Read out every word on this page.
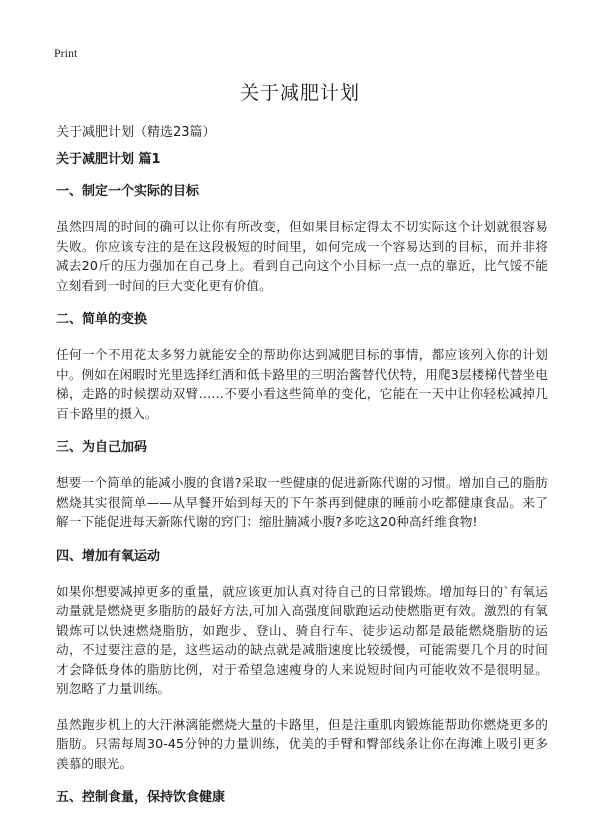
Print
关于减肥计划

关于减肥计划（精选23篇）

关于减肥计划 篇1

一、制定一个实际的目标

虽然四周的时间的确可以让你有所改变，但如果目标定得太不切实际这个计划就很容易失败。你应该专注的是在这段极短的时间里，如何完成一个容易达到的目标，而并非将减去20斤的压力强加在自己身上。看到自己向这个小目标一点一点的靠近，比气馁不能立刻看到一时间的巨大变化更有价值。

二、简单的变换

任何一个不用花太多努力就能安全的帮助你达到减肥目标的事情，都应该列入你的计划中。例如在闲暇时光里选择红酒和低卡路里的三明治酱替代伏特，用爬3层楼梯代替坐电梯，走路的时候摆动双臂……不要小看这些简单的变化，它能在一天中让你轻松减掉几百卡路里的摄入。

三、为自己加码

想要一个简单的能减小腹的食谱?采取一些健康的促进新陈代谢的习惯。增加自己的脂肪燃烧其实很简单——从早餐开始到每天的下午茶再到健康的睡前小吃都健康食品。来了解一下能促进每天新陈代谢的窍门：缩肚腩减小腹?多吃这20种高纤维食物!

四、增加有氧运动

如果你想要减掉更多的重量，就应该更加认真对待自己的日常锻炼。增加每日的`有氧运动量就是燃烧更多脂肪的最好方法,可加入高强度间歇跑运动使燃脂更有效。激烈的有氧锻炼可以快速燃烧脂肪，如跑步、登山、骑自行车、徒步运动都是最能燃烧脂肪的运动，不过要注意的是，这些运动的缺点就是减脂速度比较缓慢，可能需要几个月的时间才会降低身体的脂肪比例，对于希望急速瘦身的人来说短时间内可能收效不是很明显。别忽略了力量训练。

虽然跑步机上的大汗淋漓能燃烧大量的卡路里，但是注重肌肉锻炼能帮助你燃烧更多的脂肪。只需每周30-45分钟的力量训练，优美的手臂和臀部线条让你在海滩上吸引更多羡慕的眼光。

五、控制食量，保持饮食健康
